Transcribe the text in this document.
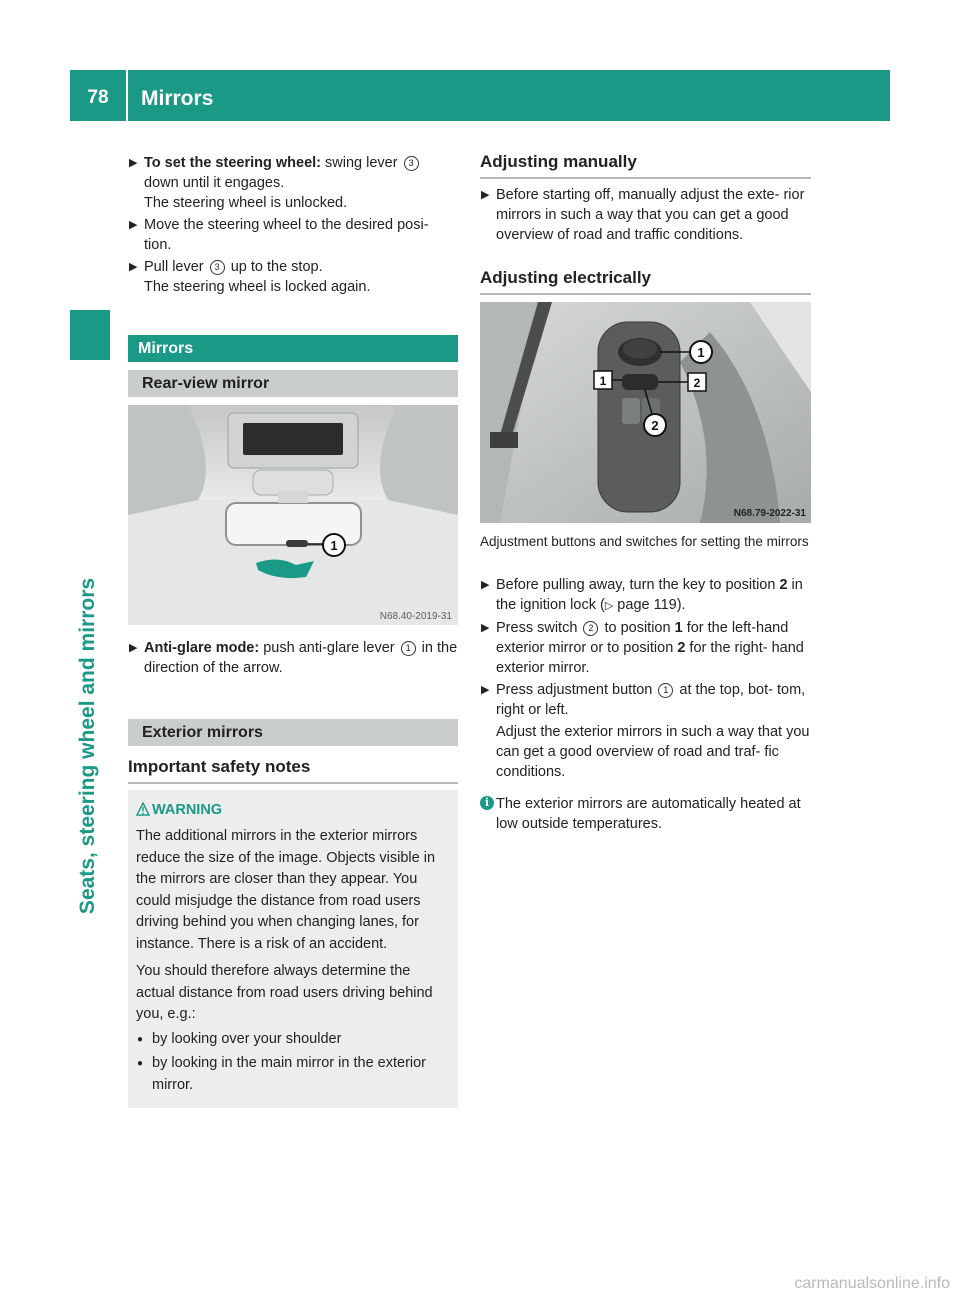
78	Mirrors
Seats, steering wheel and mirrors
▶ To set the steering wheel: swing lever 3
down until it engages.
The steering wheel is unlocked.
▶ Move the steering wheel to the desired posi- tion.
▶ Pull lever 3 up to the stop.
The steering wheel is locked again.
Mirrors
Rear-view mirror
1
N68.40-2019-31
▶ Anti-glare mode: push anti-glare lever 1 in the direction of the arrow.
Exterior mirrors
Important safety notes
WARNING
The additional mirrors in the exterior mirrors reduce the size of the image. Objects visible in the mirrors are closer than they appear. You could misjudge the distance from road users driving behind you when changing lanes, for instance. There is a risk of an accident.
You should therefore always determine the actual distance from road users driving behind you, e.g.:
● by looking over your shoulder
● by looking in the main mirror in the exterior mirror.
Adjusting manually
▶ Before starting off, manually adjust the exte- rior mirrors in such a way that you can get a good overview of road and traffic conditions.
Adjusting electrically
1
1	2
2
N68.79-2022-31
Adjustment buttons and switches for setting the mirrors
▶ Before pulling away, turn the key to position 2 in the ignition lock (▷ page 119).
▶ Press switch 2 to position 1 for the left-hand exterior mirror or to position 2 for the right- hand exterior mirror.
▶ Press adjustment button 1 at the top, bot- tom, right or left.
Adjust the exterior mirrors in such a way that you can get a good overview of road and traf- fic conditions.
i The exterior mirrors are automatically heated at low outside temperatures.
carmanualsonline.info
